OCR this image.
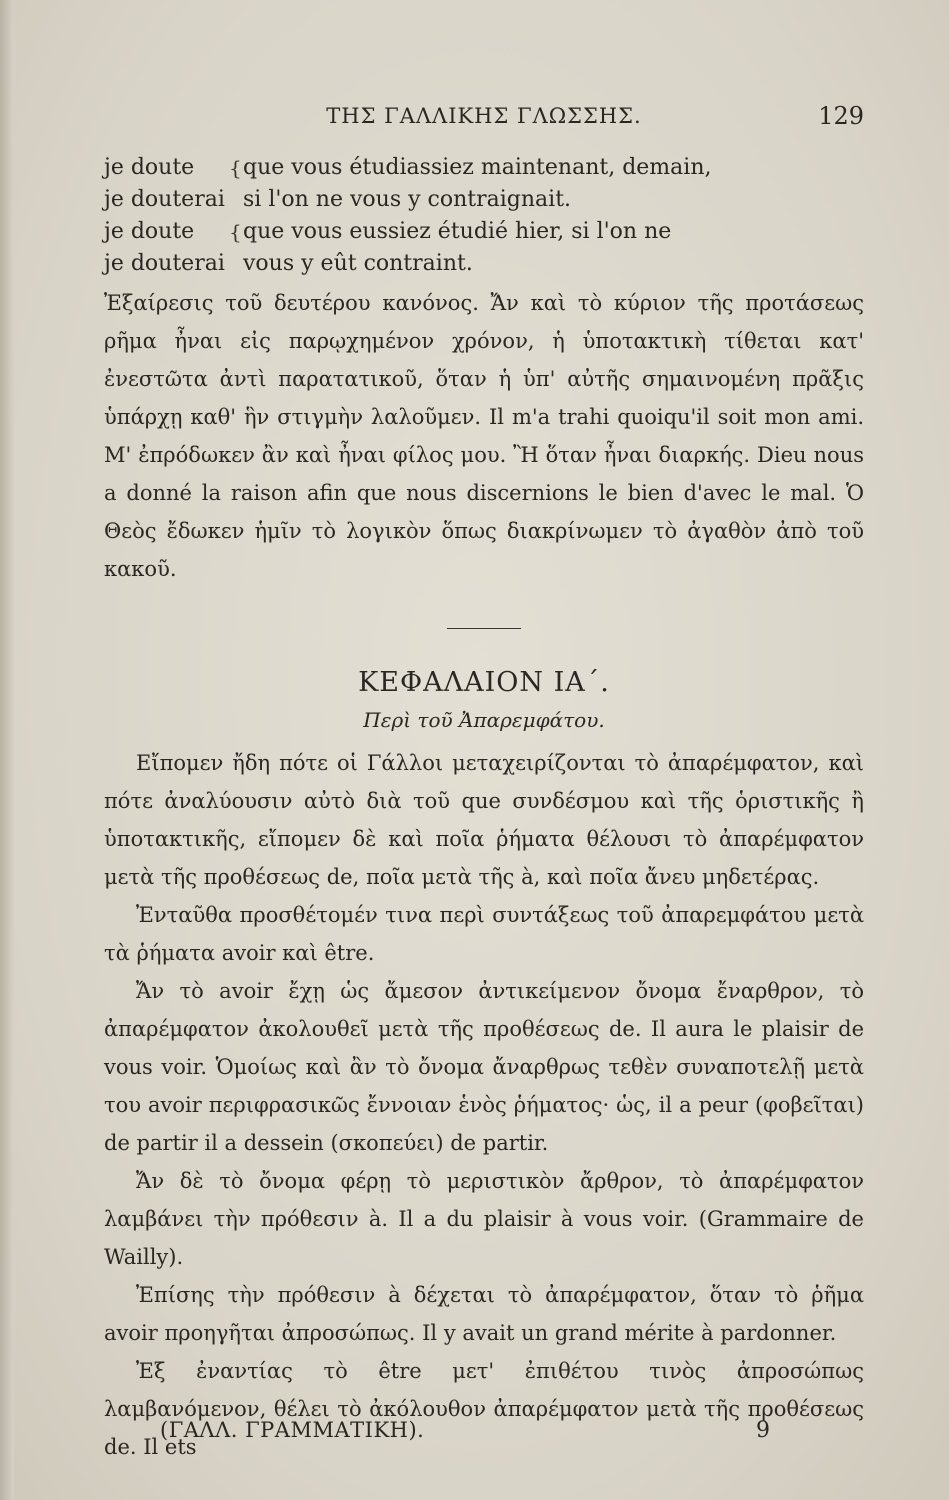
ΤΗΣ ΓΑΛΛΙΚΗΣ ΓΛΩΣΣΗΣ.	129
je doute	{ que vous étudiassiez maintenant, demain,
je douterai si l'on ne vous y contraignait.
je doute	{ que vous eussiez étudié hier, si l'on ne
je douterai vous y eût contraint.

Ἐξαίρεσις τοῦ δευτέρου κανόνος. Ἄν καὶ τὸ κύριον τῆς προτάσεως ρῆμα ἦναι εἰς παρῳχημένον χρόνον, ἡ ὑποτακτικὴ τίθεται κατ' ἐνεστῶτα ἀντὶ παρατατικοῦ, ὅταν ἡ ὑπ' αὐτῆς σημαινομένη πρᾶξις ὑπάρχῃ καθ' ἣν στιγμὴν λαλοῦμεν. Il m'a trahi quoiqu'il soit mon ami. Μ' ἐπρόδωκεν ἂν καὶ ἦναι φίλος μου. Ἢ ὅταν ἦναι διαρκής. Dieu nous a donné la raison afin que nous discernions le bien d'avec le mal. Ὁ Θεὸς ἔδωκεν ἡμῖν τὸ λογικὸν ὅπως διακρίνωμεν τὸ ἀγαθὸν ἀπὸ τοῦ κακοῦ.

ΚΕΦΑΛΑΙΟΝ ΙΑ΄.
Περὶ τοῦ Ἀπαρεμφάτου.

Εἴπομεν ἤδη πότε οἱ Γάλλοι μεταχειρίζονται τὸ ἀπαρέμφατον, καὶ πότε ἀναλύουσιν αὐτὸ διὰ τοῦ que συνδέσμου καὶ τῆς ὁριστικῆς ἢ ὑποτακτικῆς, εἴπομεν δὲ καὶ ποῖα ῥήματα θέλουσι τὸ ἀπαρέμφατον μετὰ τῆς προθέσεως de, ποῖα μετὰ τῆς à, καὶ ποῖα ἄνευ μηδετέρας.

Ἐνταῦθα προσθέτομέν τινα περὶ συντάξεως τοῦ ἀπαρεμφάτου μετὰ τὰ ῥήματα avoir καὶ être.

Ἄν τὸ avoir ἔχῃ ὡς ἄμεσον ἀντικείμενον ὄνομα ἔναρθρον, τὸ ἀπαρέμφατον ἀκολουθεῖ μετὰ τῆς προθέσεως de. Il aura le plaisir de vous voir. Ὁμοίως καὶ ἂν τὸ ὄνομα ἄναρθρως τεθὲν συναποτελῇ μετὰ του avoir περιφρασικῶς ἔννοιαν ἑνὸς ῥήματος· ὡς, il a peur (φοβεῖται) de partir il a dessein (σκοπεύει) de partir.

Ἄν δὲ τὸ ὄνομα φέρῃ τὸ μεριστικὸν ἄρθρον, τὸ ἀπαρέμφατον λαμβάνει τὴν πρόθεσιν à. Il a du plaisir à vous voir. (Grammaire de Wailly).

Ἐπίσης τὴν πρόθεσιν à δέχεται τὸ ἀπαρέμφατον, ὅταν τὸ ῥῆμα avoir προηγῆται ἀπροσώπως. Il y avait un grand mérite à pardonner.

Ἐξ ἐναντίας τὸ être μετ' ἐπιθέτου τινὸς ἀπροσώπως λαμβανόμενον, θέλει τὸ ἀκόλουθον ἀπαρέμφατον μετὰ τῆς προθέσεως de. Il ets

(ΓΑΛΛ. ΓΡΑΜΜΑΤΙΚΗ).	9
